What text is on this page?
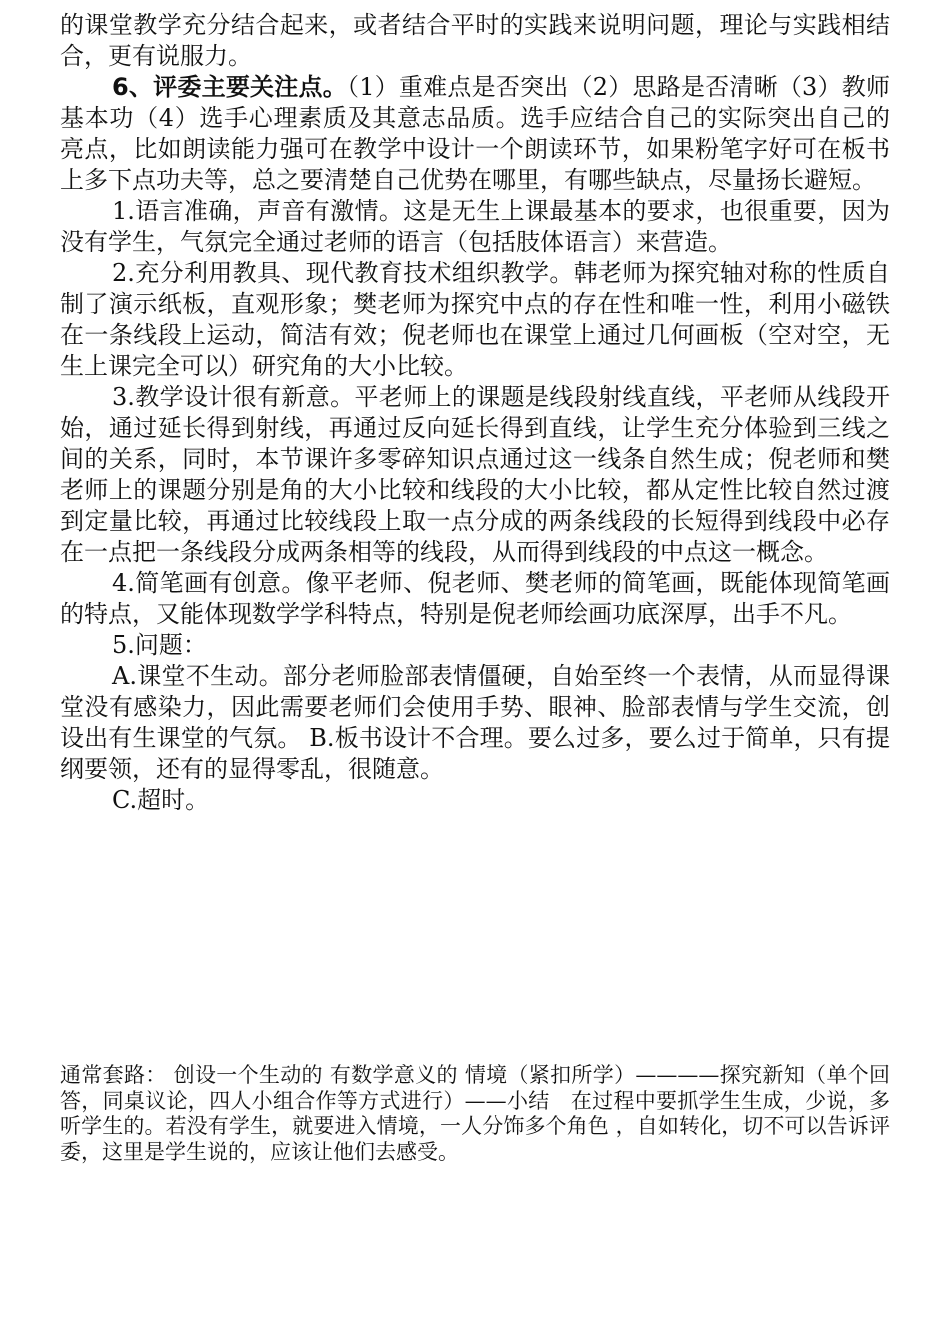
的课堂教学充分结合起来，或者结合平时的实践来说明问题，理论与实践相结合，更有说服力。

6、评委主要关注点。（1）重难点是否突出（2）思路是否清晰（3）教师基本功（4）选手心理素质及其意志品质。选手应结合自己的实际突出自己的亮点，比如朗读能力强可在教学中设计一个朗读环节，如果粉笔字好可在板书上多下点功夫等，总之要清楚自己优势在哪里，有哪些缺点，尽量扬长避短。

1.语言准确，声音有激情。这是无生上课最基本的要求，也很重要，因为没有学生，气氛完全通过老师的语言（包括肢体语言）来营造。

2.充分利用教具、现代教育技术组织教学。韩老师为探究轴对称的性质自制了演示纸板，直观形象；樊老师为探究中点的存在性和唯一性，利用小磁铁在一条线段上运动，简洁有效；倪老师也在课堂上通过几何画板（空对空，无生上课完全可以）研究角的大小比较。

3.教学设计很有新意。平老师上的课题是线段射线直线，平老师从线段开始，通过延长得到射线，再通过反向延长得到直线，让学生充分体验到三线之间的关系，同时，本节课许多零碎知识点通过这一线条自然生成；倪老师和樊老师上的课题分别是角的大小比较和线段的大小比较，都从定性比较自然过渡到定量比较，再通过比较线段上取一点分成的两条线段的长短得到线段中必存在一点把一条线段分成两条相等的线段，从而得到线段的中点这一概念。

4.简笔画有创意。像平老师、倪老师、樊老师的简笔画，既能体现简笔画的特点，又能体现数学学科特点，特别是倪老师绘画功底深厚，出手不凡。

5.问题：

A.课堂不生动。部分老师脸部表情僵硬，自始至终一个表情，从而显得课堂没有感染力，因此需要老师们会使用手势、眼神、脸部表情与学生交流，创设出有生课堂的气氛。 B.板书设计不合理。要么过多，要么过于简单，只有提纲要领，还有的显得零乱，很随意。

C.超时。

通常套路： 创设一个生动的 有数学意义的 情境（紧扣所学）————探究新知（单个回答，同桌议论，四人小组合作等方式进行）——小结　在过程中要抓学生生成，少说，多听学生的。若没有学生，就要进入情境，一人分饰多个角色 ，自如转化，切不可以告诉评委，这里是学生说的，应该让他们去感受。
